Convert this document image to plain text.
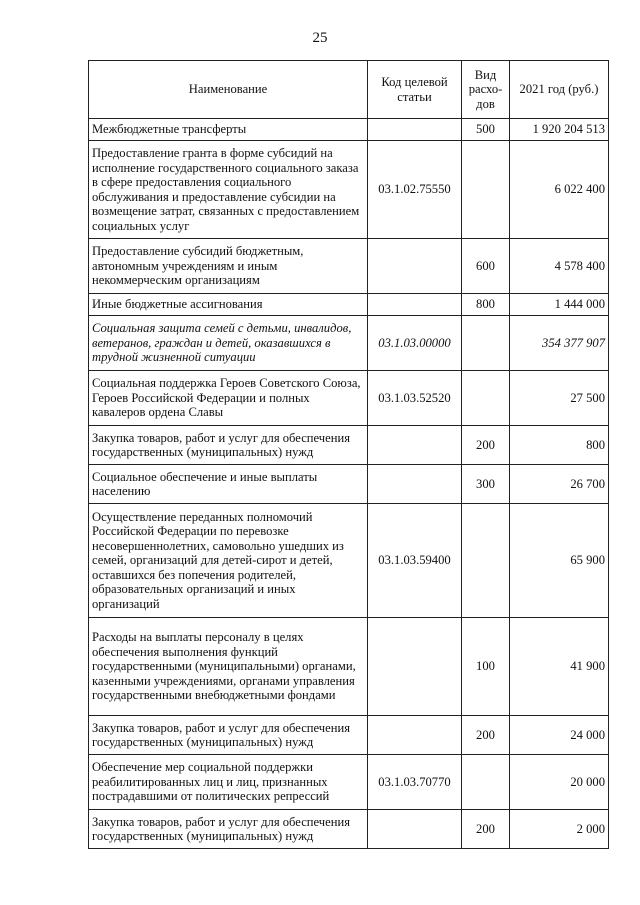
25
Наименование	Код целевой статьи	Вид расхо-дов	2021 год (руб.)
Межбюджетные трансферты		500	1 920 204 513
Предоставление гранта в форме субсидий на исполнение государственного социального заказа в сфере предоставления социального обслуживания и предоставление субсидии на возмещение затрат, связанных с предоставлением социальных услуг	03.1.02.75550		6 022 400
Предоставление субсидий бюджетным, автономным учреждениям и иным некоммерческим организациям		600	4 578 400
Иные бюджетные ассигнования		800	1 444 000
Социальная защита семей с детьми, инвалидов, ветеранов, граждан и детей, оказавшихся в трудной жизненной ситуации	03.1.03.00000		354 377 907
Социальная поддержка Героев Советского Союза, Героев Российской Федерации и полных кавалеров ордена Славы	03.1.03.52520		27 500
Закупка товаров, работ и услуг для обеспечения государственных (муниципальных) нужд		200	800
Социальное обеспечение и иные выплаты населению		300	26 700
Осуществление переданных полномочий Российской Федерации по перевозке несовершеннолетних, самовольно ушедших из семей, организаций для детей-сирот и детей, оставшихся без попечения родителей, образовательных организаций и иных организаций	03.1.03.59400		65 900
Расходы на выплаты персоналу в целях обеспечения выполнения функций государственными (муниципальными) органами, казенными учреждениями, органами управления государственными внебюджетными фондами		100	41 900
Закупка товаров, работ и услуг для обеспечения государственных (муниципальных) нужд		200	24 000
Обеспечение мер социальной поддержки реабилитированных лиц и лиц, признанных пострадавшими от политических репрессий	03.1.03.70770		20 000
Закупка товаров, работ и услуг для обеспечения государственных (муниципальных) нужд		200	2 000
